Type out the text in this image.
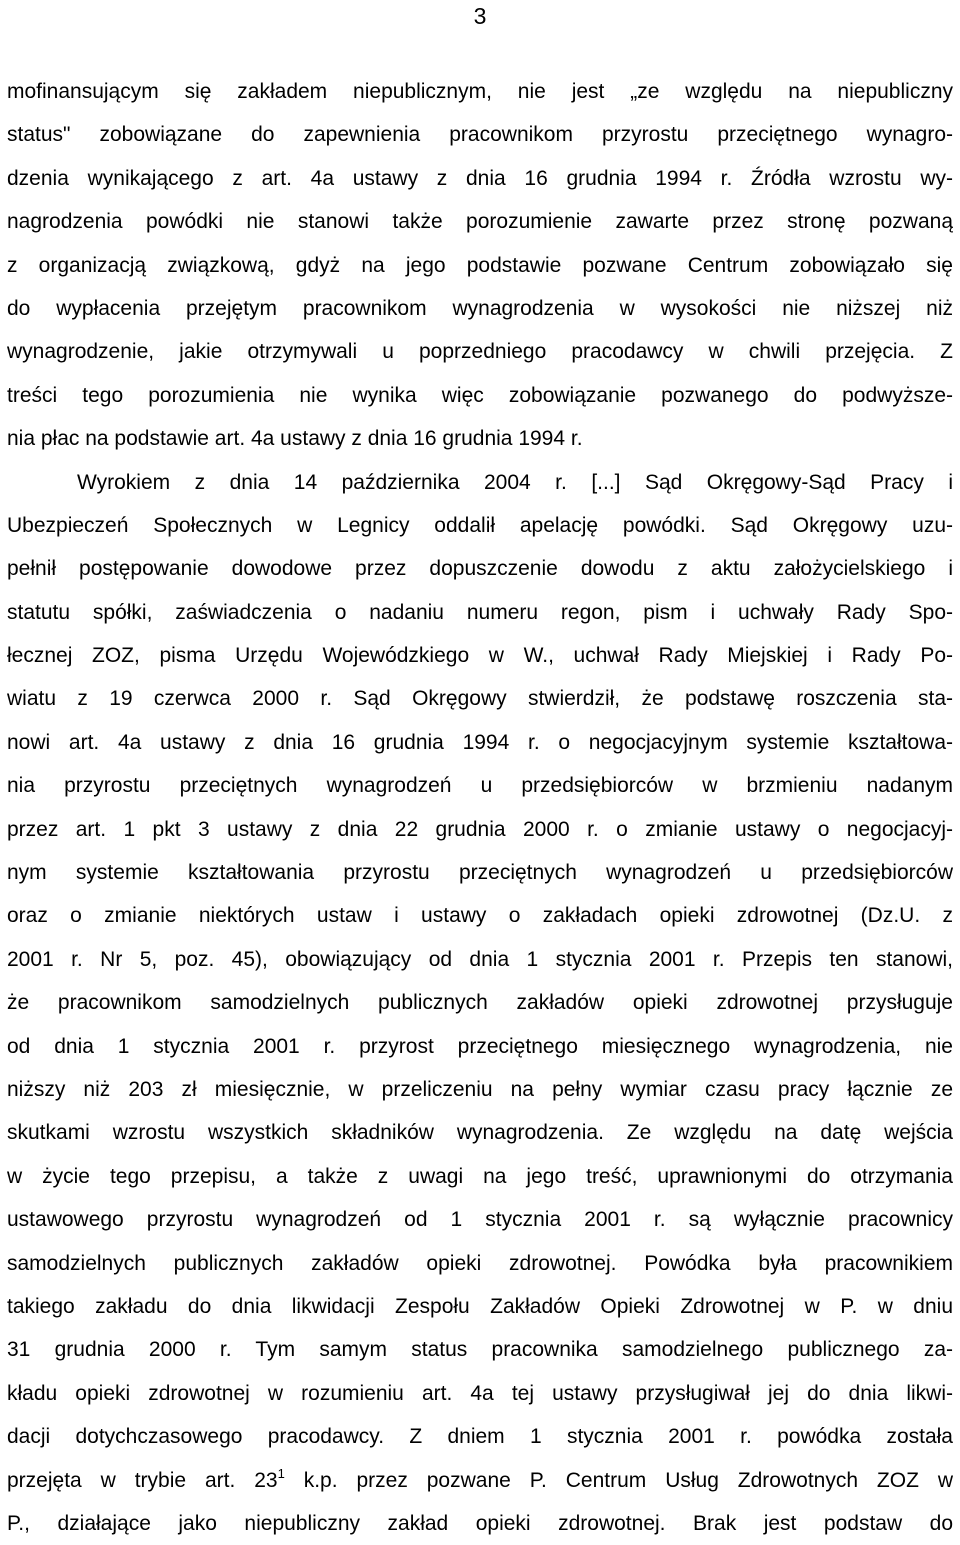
3
mofinansującym się zakładem niepublicznym, nie jest „ze względu na niepubliczny
status" zobowiązane do zapewnienia pracownikom przyrostu przeciętnego wynagro-
dzenia wynikającego z art. 4a ustawy z dnia 16 grudnia 1994 r. Źródła wzrostu wy-
nagrodzenia powódki nie stanowi także porozumienie zawarte przez stronę pozwaną
z organizacją związkową, gdyż na jego podstawie pozwane Centrum zobowiązało się
do wypłacenia przejętym pracownikom wynagrodzenia w wysokości nie niższej niż
wynagrodzenie, jakie otrzymywali u poprzedniego pracodawcy w chwili przejęcia. Z
treści tego porozumienia nie wynika więc zobowiązanie pozwanego do podwyższe-
nia płac na podstawie art. 4a ustawy z dnia 16 grudnia 1994 r.
Wyrokiem z dnia 14 października 2004 r. [...] Sąd Okręgowy-Sąd Pracy i
Ubezpieczeń Społecznych w Legnicy oddalił apelację powódki. Sąd Okręgowy uzu-
pełnił postępowanie dowodowe przez dopuszczenie dowodu z aktu założycielskiego i
statutu spółki, zaświadczenia o nadaniu numeru regon, pism i uchwały Rady Spo-
łecznej ZOZ, pisma Urzędu Wojewódzkiego w W., uchwał Rady Miejskiej i Rady Po-
wiatu z 19 czerwca 2000 r. Sąd Okręgowy stwierdził, że podstawę roszczenia sta-
nowi art. 4a ustawy z dnia 16 grudnia 1994 r. o negocjacyjnym systemie kształtowa-
nia przyrostu przeciętnych wynagrodzeń u przedsiębiorców w brzmieniu nadanym
przez art. 1 pkt 3 ustawy z dnia 22 grudnia 2000 r. o zmianie ustawy o negocjacyj-
nym systemie kształtowania przyrostu przeciętnych wynagrodzeń u przedsiębiorców
oraz o zmianie niektórych ustaw i ustawy o zakładach opieki zdrowotnej (Dz.U. z
2001 r. Nr 5, poz. 45), obowiązujący od dnia 1 stycznia 2001 r. Przepis ten stanowi,
że pracownikom samodzielnych publicznych zakładów opieki zdrowotnej przysługuje
od dnia 1 stycznia 2001 r. przyrost przeciętnego miesięcznego wynagrodzenia, nie
niższy niż 203 zł miesięcznie, w przeliczeniu na pełny wymiar czasu pracy łącznie ze
skutkami wzrostu wszystkich składników wynagrodzenia. Ze względu na datę wejścia
w życie tego przepisu, a także z uwagi na jego treść, uprawnionymi do otrzymania
ustawowego przyrostu wynagrodzeń od 1 stycznia 2001 r. są wyłącznie pracownicy
samodzielnych publicznych zakładów opieki zdrowotnej. Powódka była pracownikiem
takiego zakładu do dnia likwidacji Zespołu Zakładów Opieki Zdrowotnej w P. w dniu
31 grudnia 2000 r. Tym samym status pracownika samodzielnego publicznego za-
kładu opieki zdrowotnej w rozumieniu art. 4a tej ustawy przysługiwał jej do dnia likwi-
dacji dotychczasowego pracodawcy. Z dniem 1 stycznia 2001 r. powódka została
przejęta w trybie art. $23^1$ k.p. przez pozwane P. Centrum Usług Zdrowotnych ZOZ w
P., działające jako niepubliczny zakład opieki zdrowotnej. Brak jest podstaw do
